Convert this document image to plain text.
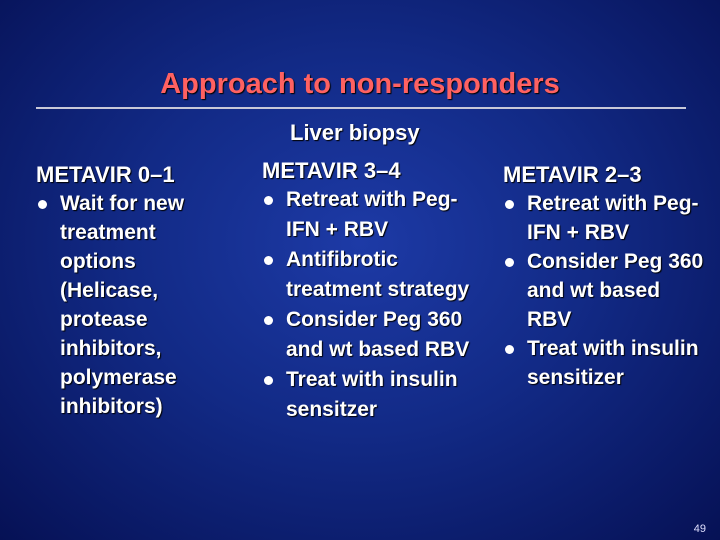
Approach to non-responders
Liver biopsy
METAVIR 0–1
Wait for new treatment options (Helicase, protease inhibitors, polymerase inhibitors)
METAVIR 3–4
Retreat with Peg-IFN + RBV
Antifibrotic treatment strategy
Consider Peg 360 and wt based RBV
Treat with insulin sensitzer
METAVIR 2–3
Retreat with Peg-IFN + RBV
Consider Peg 360 and wt based RBV
Treat with insulin sensitizer
49
